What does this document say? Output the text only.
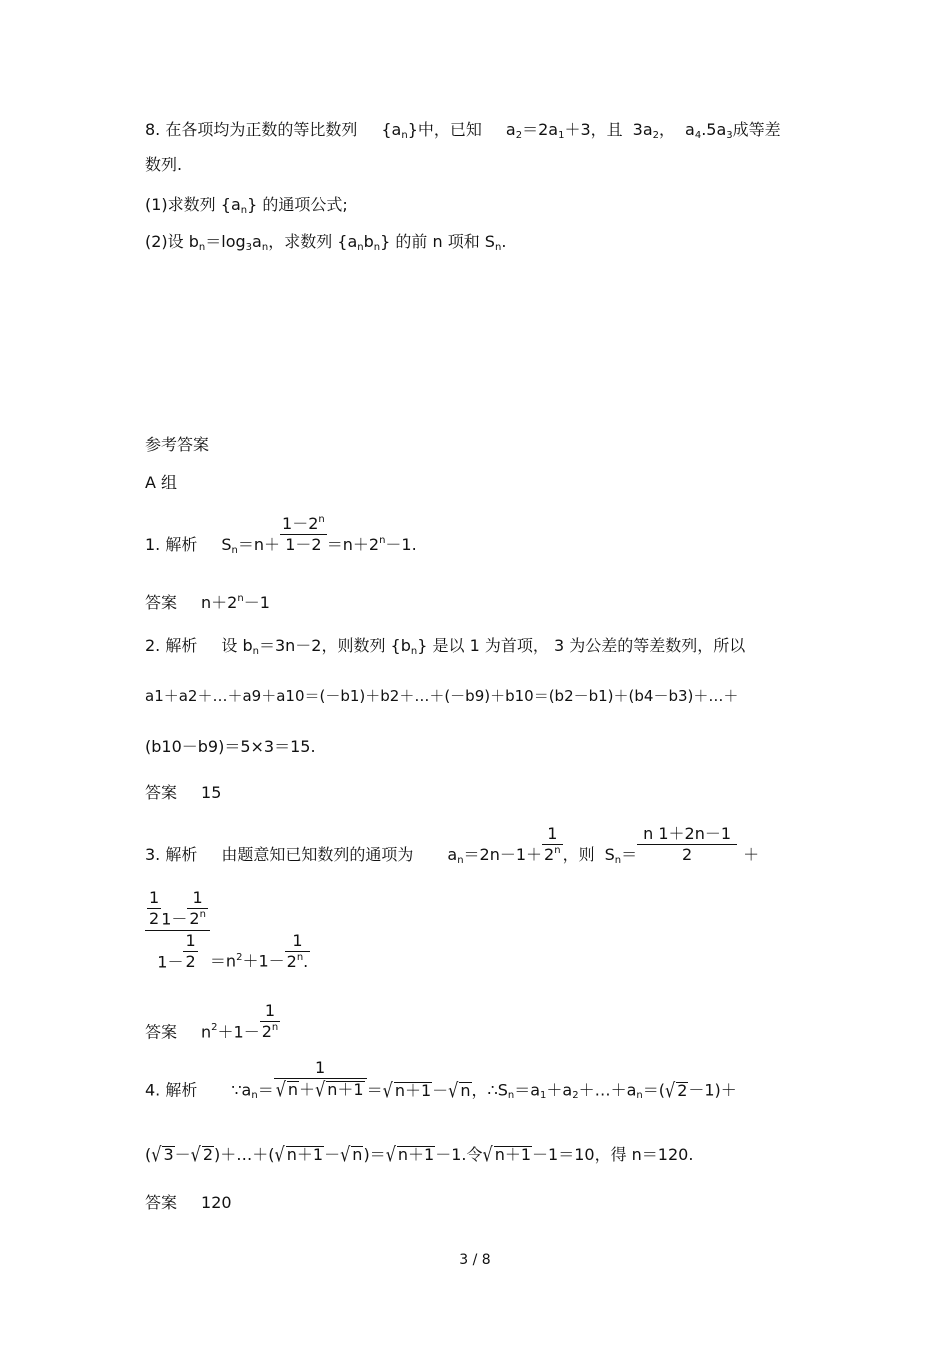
8. 在各项均为正数的等比数列 {an}中，已知 a2＝2a1＋3，且 3a2， a4.5a3成等差
数列.
(1)求数列 {an} 的通项公式;
(2)设 bn＝log3an，求数列 {anbn} 的前 n 项和 Sn.
参考答案
A 组
1. 解析 $Sn=n+ \frac{1-2^n}{1-2} =n+2^n-1$.
答案 $n+2^n-1$
2. 解析 设 bn＝3n－2，则数列 {bn} 是以 1 为首项， 3 为公差的等差数列，所以
a1＋a2＋…＋a9＋a10＝(－b1)＋b2＋…＋(－b9)＋b10＝(b2－b1)＋(b4－b3)＋…＋
(b10－b9)＝5×3＝15.
答案 15
3. 解析 由题意知已知数列的通项为 $an=2n-1+ \frac{1}{2^n}$ ，则 $Sn= \frac{n 1+2n-1}{2}$ ＋
$\frac{\frac{1}{2} 1- \frac{1}{2^n}}{1- \frac{1}{2}} =n^2+1- \frac{1}{2^n.}$
答案 $n^2+1- \frac{1}{2^n}$
4. 解析 ∵an＝ $\frac{1}{√ n+√ n+1}$ ＝√ n＋1－√ n，∴Sn＝a1＋a2＋…＋an＝(√ 2－1)＋
(√ 3－√ 2)＋…＋(√ n＋1－√ n)＝√ n＋1－1.令√ n＋1－1＝10，得 n＝120.
答案 120
3 / 8
